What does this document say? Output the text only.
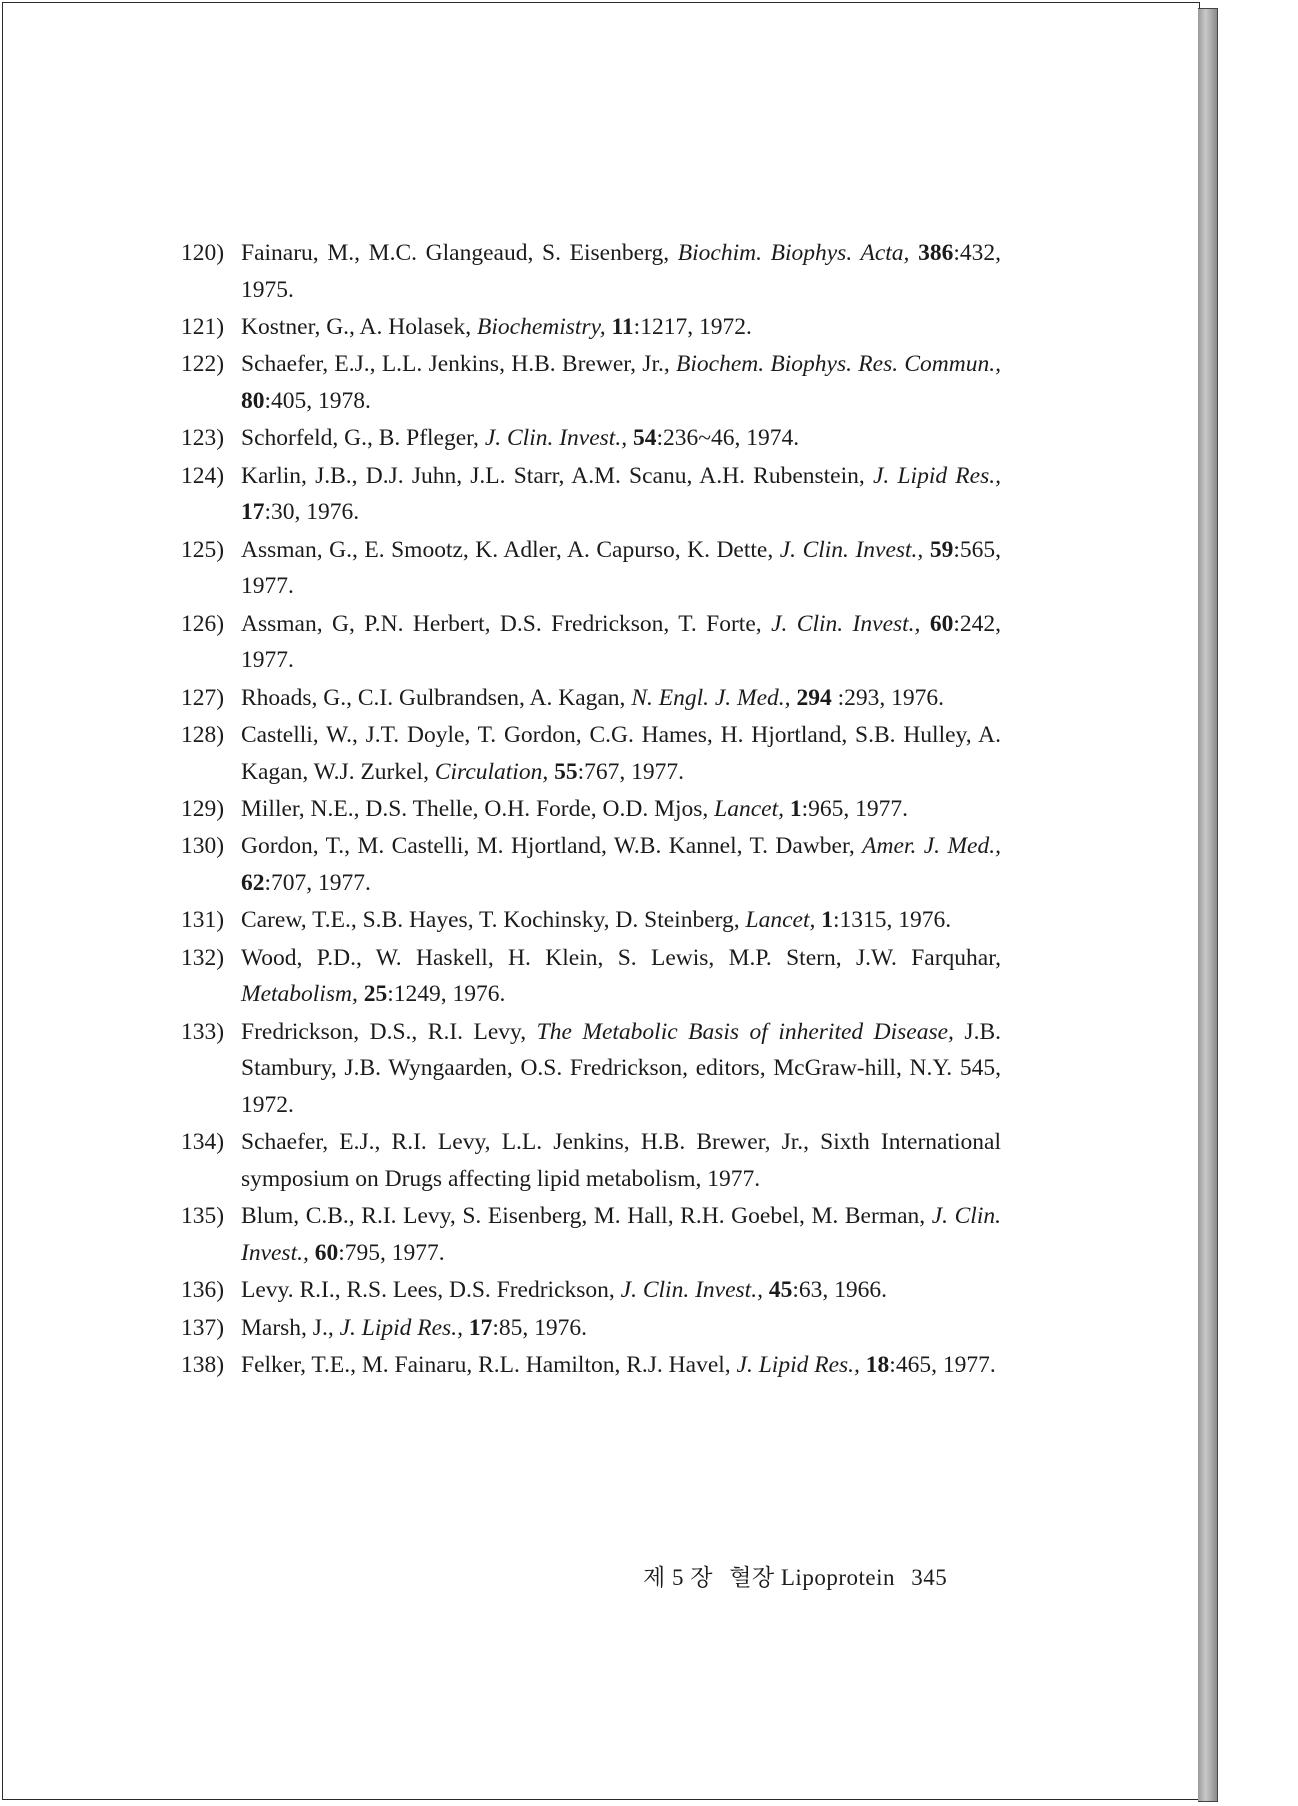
120) Fainaru, M., M.C. Glangeaud, S. Eisenberg, Biochim. Biophys. Acta, 386:432, 1975.
121) Kostner, G., A. Holasek, Biochemistry, 11:1217, 1972.
122) Schaefer, E.J., L.L. Jenkins, H.B. Brewer, Jr., Biochem. Biophys. Res. Commun., 80:405, 1978.
123) Schorfeld, G., B. Pfleger, J. Clin. Invest., 54:236~46, 1974.
124) Karlin, J.B., D.J. Juhn, J.L. Starr, A.M. Scanu, A.H. Rubenstein, J. Lipid Res., 17:30, 1976.
125) Assman, G., E. Smootz, K. Adler, A. Capurso, K. Dette, J. Clin. Invest., 59:565, 1977.
126) Assman, G, P.N. Herbert, D.S. Fredrickson, T. Forte, J. Clin. Invest., 60:242, 1977.
127) Rhoads, G., C.I. Gulbrandsen, A. Kagan, N. Engl. J. Med., 294 :293, 1976.
128) Castelli, W., J.T. Doyle, T. Gordon, C.G. Hames, H. Hjortland, S.B. Hulley, A. Kagan, W.J. Zurkel, Circulation, 55:767, 1977.
129) Miller, N.E., D.S. Thelle, O.H. Forde, O.D. Mjos, Lancet, 1:965, 1977.
130) Gordon, T., M. Castelli, M. Hjortland, W.B. Kannel, T. Dawber, Amer. J. Med., 62:707, 1977.
131) Carew, T.E., S.B. Hayes, T. Kochinsky, D. Steinberg, Lancet, 1:1315, 1976.
132) Wood, P.D., W. Haskell, H. Klein, S. Lewis, M.P. Stern, J.W. Farquhar, Metabolism, 25:1249, 1976.
133) Fredrickson, D.S., R.I. Levy, The Metabolic Basis of inherited Disease, J.B. Stambury, J.B. Wyngaarden, O.S. Fredrickson, editors, McGraw-hill, N.Y. 545, 1972.
134) Schaefer, E.J., R.I. Levy, L.L. Jenkins, H.B. Brewer, Jr., Sixth International symposium on Drugs affecting lipid metabolism, 1977.
135) Blum, C.B., R.I. Levy, S. Eisenberg, M. Hall, R.H. Goebel, M. Berman, J. Clin. Invest., 60:795, 1977.
136) Levy. R.I., R.S. Lees, D.S. Fredrickson, J. Clin. Invest., 45:63, 1966.
137) Marsh, J., J. Lipid Res., 17:85, 1976.
138) Felker, T.E., M. Fainaru, R.L. Hamilton, R.J. Havel, J. Lipid Res., 18:465, 1977.
제 5 장 혈장 Lipoprotein 345
